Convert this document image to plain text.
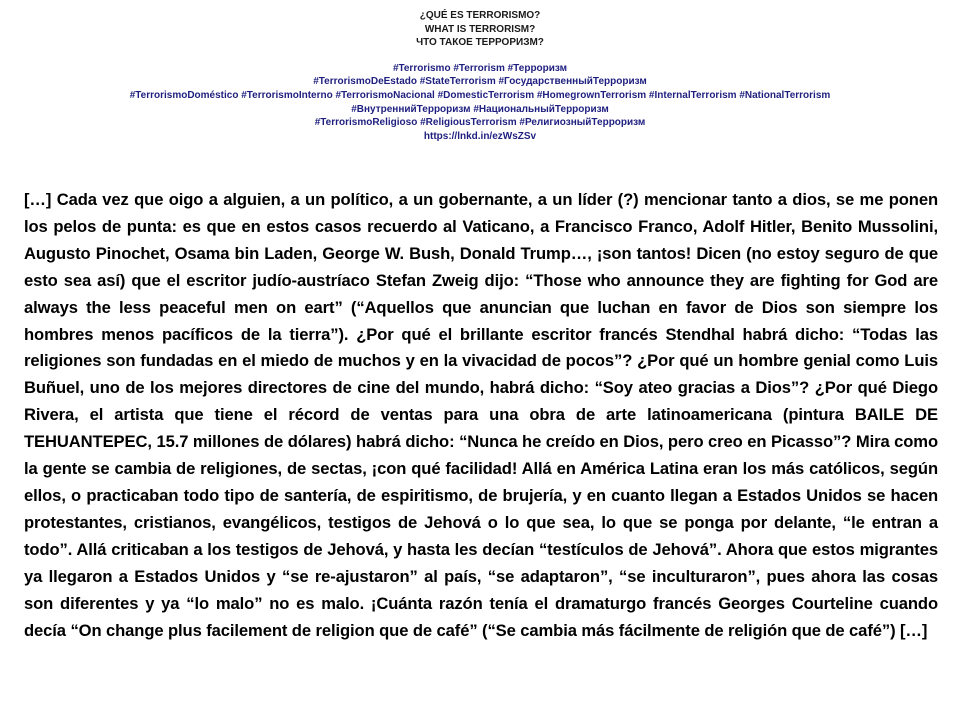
¿QUÉ ES TERRORISMO?
WHAT IS TERRORISM?
ЧТО ТАКОЕ ТЕРРОРИЗМ?
#Terrorismo #Terrorism #Терроризм
#TerrorismoDeEstado #StateTerrorism #ГосударственныйТерроризм
#TerrorismoDoméstico #TerrorismoInterno #TerrorismoNacional #DomesticTerrorism #HomegrownTerrorism #InternalTerrorism #NationalTerrorism
#ВнутреннийТерроризм #НациональныйТерроризм
#TerrorismoReligioso #ReligiousTerrorism #РелигиозныйТерроризм
https://lnkd.in/ezWsZSv

[…] Cada vez que oigo a alguien, a un político, a un gobernante, a un líder (?) mencionar tanto a dios, se me ponen los pelos de punta: es que en estos casos recuerdo al Vaticano, a Francisco Franco, Adolf Hitler, Benito Mussolini, Augusto Pinochet, Osama bin Laden, George W. Bush, Donald Trump…, ¡son tantos! Dicen (no estoy seguro de que esto sea así) que el escritor judío-austríaco Stefan Zweig dijo: “Those who announce they are fighting for God are always the less peaceful men on eart” (“Aquellos que anuncian que luchan en favor de Dios son siempre los hombres menos pacíficos de la tierra”). ¿Por qué el brillante escritor francés Stendhal habrá dicho: “Todas las religiones son fundadas en el miedo de muchos y en la vivacidad de pocos”? ¿Por qué un hombre genial como Luis Buñuel, uno de los mejores directores de cine del mundo, habrá dicho: “Soy ateo gracias a Dios”? ¿Por qué Diego Rivera, el artista que tiene el récord de ventas para una obra de arte latinoamericana (pintura BAILE DE TEHUANTEPEC, 15.7 millones de dólares) habrá dicho: “Nunca he creído en Dios, pero creo en Picasso”? Mira como la gente se cambia de religiones, de sectas, ¡con qué facilidad! Allá en América Latina eran los más católicos, según ellos, o practicaban todo tipo de santería, de espiritismo, de brujería, y en cuanto llegan a Estados Unidos se hacen protestantes, cristianos, evangélicos, testigos de Jehová o lo que sea, lo que se ponga por delante, “le entran a todo”. Allá criticaban a los testigos de Jehová, y hasta les decían “testículos de Jehová”. Ahora que estos migrantes ya llegaron a Estados Unidos y “se re-ajustaron” al país, “se adaptaron”, “se inculturaron”, pues ahora las cosas son diferentes y ya “lo malo” no es malo. ¡Cuánta razón tenía el dramaturgo francés Georges Courteline cuando decía “On change plus facilement de religion que de café” (“Se cambia más fácilmente de religión que de café”) […]
